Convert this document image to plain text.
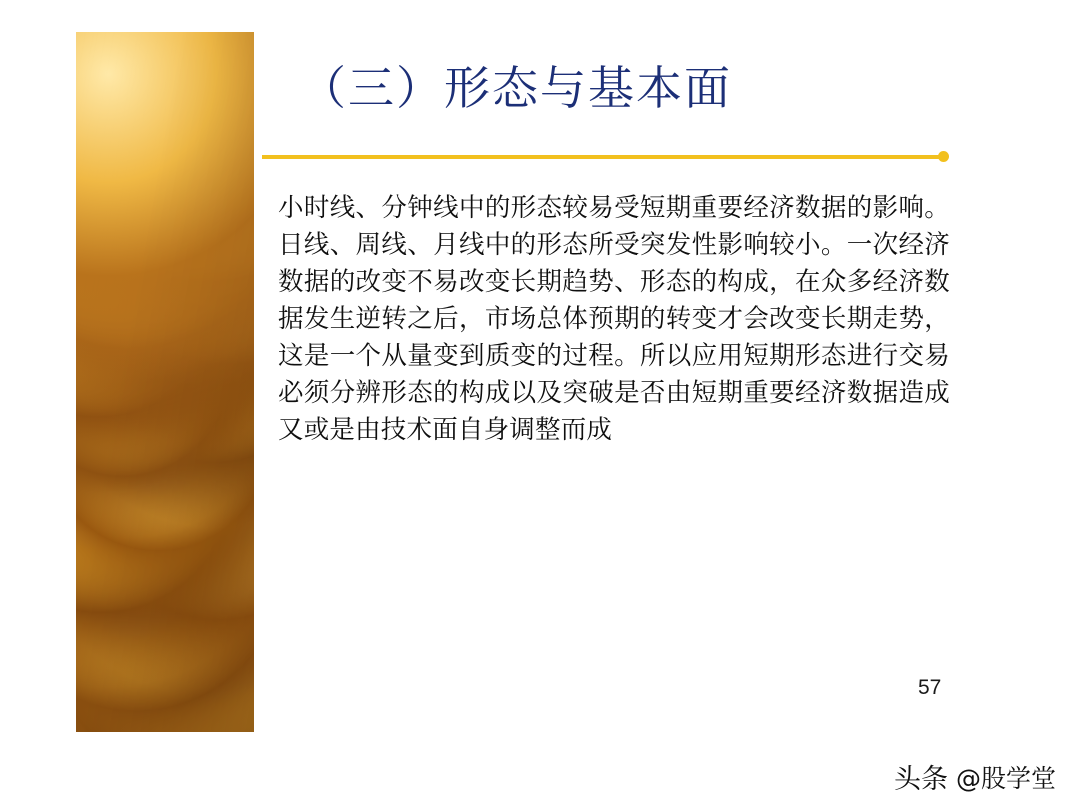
（三）形态与基本面
小时线、分钟线中的形态较易受短期重要经济数据的影响。日线、周线、月线中的形态所受突发性影响较小。一次经济数据的改变不易改变长期趋势、形态的构成，在众多经济数据发生逆转之后，市场总体预期的转变才会改变长期走势，这是一个从量变到质变的过程。所以应用短期形态进行交易必须分辨形态的构成以及突破是否由短期重要经济数据造成又或是由技术面自身调整而成
57
头条 @股学堂
